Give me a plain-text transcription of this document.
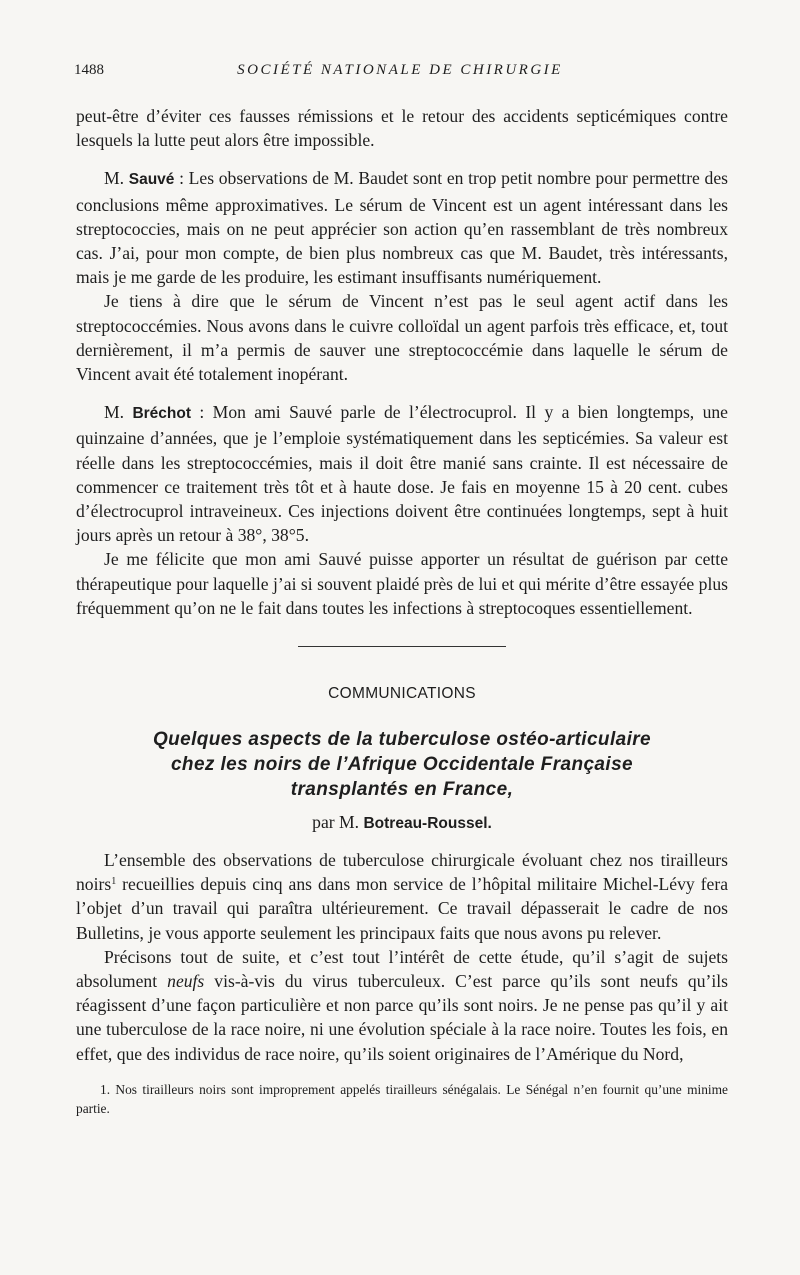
1488	SOCIÉTÉ NATIONALE DE CHIRURGIE

peut-être d’éviter ces fausses rémissions et le retour des accidents septicémiques contre lesquels la lutte peut alors être impossible.

M. Sauvé : Les observations de M. Baudet sont en trop petit nombre pour permettre des conclusions même approximatives. Le sérum de Vincent est un agent intéressant dans les streptococcies, mais on ne peut apprécier son action qu’en rassemblant de très nombreux cas. J’ai, pour mon compte, de bien plus nombreux cas que M. Baudet, très intéressants, mais je me garde de les produire, les estimant insuffisants numériquement.

Je tiens à dire que le sérum de Vincent n’est pas le seul agent actif dans les streptococcémies. Nous avons dans le cuivre colloïdal un agent parfois très efficace, et, tout dernièrement, il m’a permis de sauver une streptococcémie dans laquelle le sérum de Vincent avait été totalement inopérant.

M. Bréchot : Mon ami Sauvé parle de l’électrocuprol. Il y a bien longtemps, une quinzaine d’années, que je l’emploie systématiquement dans les septicémies. Sa valeur est réelle dans les streptococcémies, mais il doit être manié sans crainte. Il est nécessaire de commencer ce traitement très tôt et à haute dose. Je fais en moyenne 15 à 20 cent. cubes d’électrocuprol intraveineux. Ces injections doivent être continuées longtemps, sept à huit jours après un retour à 38°, 38°5.

Je me félicite que mon ami Sauvé puisse apporter un résultat de guérison par cette thérapeutique pour laquelle j’ai si souvent plaidé près de lui et qui mérite d’être essayée plus fréquemment qu’on ne le fait dans toutes les infections à streptocoques essentiellement.

COMMUNICATIONS
Quelques aspects de la tuberculose ostéo-articulaire
chez les noirs de l’Afrique Occidentale Française
transplantés en France,
par M. Botreau-Roussel.

L’ensemble des observations de tuberculose chirurgicale évoluant chez nos tirailleurs noirs$^1$ recueillies depuis cinq ans dans mon service de l’hôpital militaire Michel-Lévy fera l’objet d’un travail qui paraîtra ultérieurement. Ce travail dépasserait le cadre de nos Bulletins, je vous apporte seulement les principaux faits que nous avons pu relever.

Précisons tout de suite, et c’est tout l’intérêt de cette étude, qu’il s’agit de sujets absolument neufs vis-à-vis du virus tuberculeux. C’est parce qu’ils sont neufs qu’ils réagissent d’une façon particulière et non parce qu’ils sont noirs. Je ne pense pas qu’il y ait une tuberculose de la race noire, ni une évolution spéciale à la race noire. Toutes les fois, en effet, que des individus de race noire, qu’ils soient originaires de l’Amérique du Nord,

1. Nos tirailleurs noirs sont improprement appelés tirailleurs sénégalais. Le Sénégal n’en fournit qu’une minime partie.
